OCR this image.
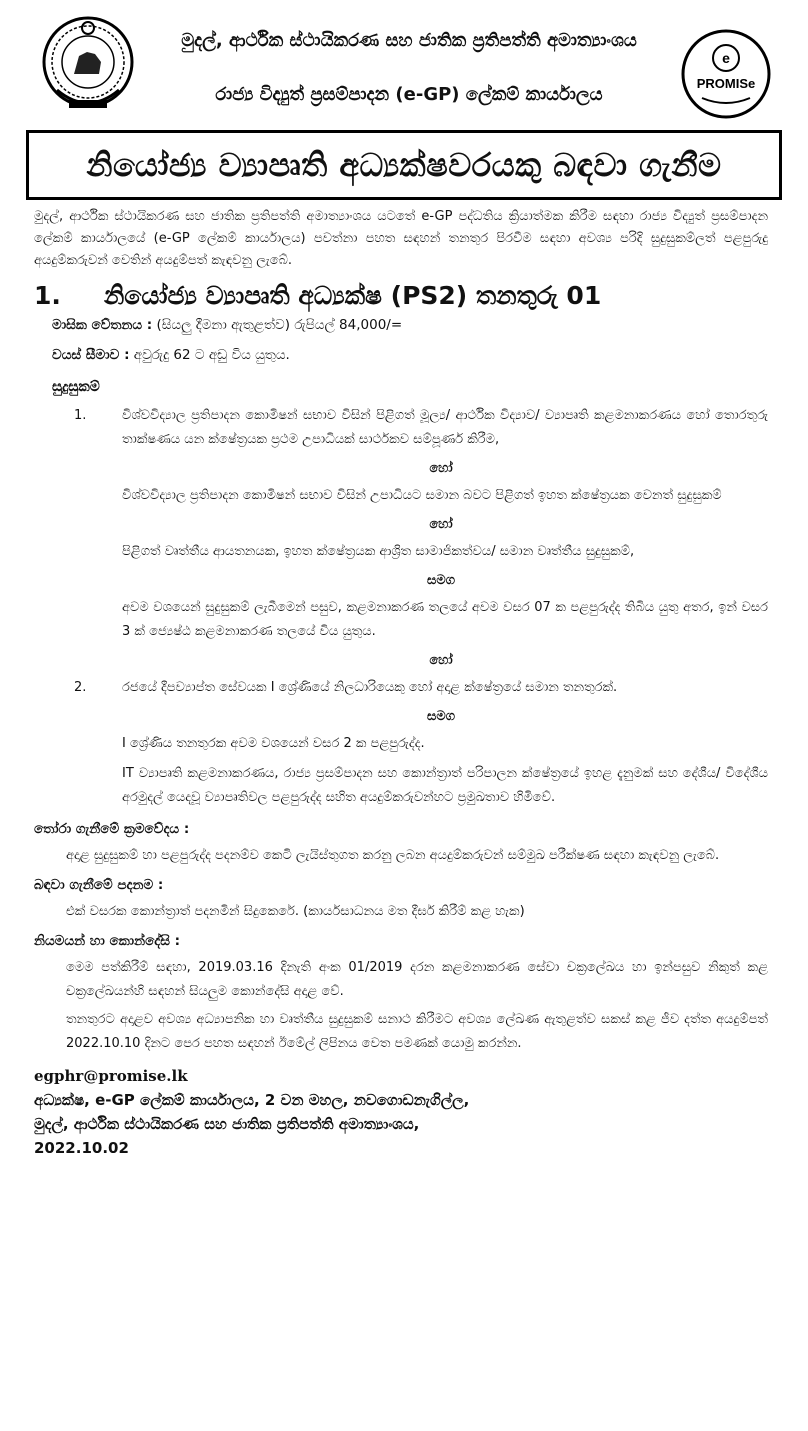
මුදල්, ආර්ථික ස්ථායිකරණ සහ ජාතික ප්‍රතිපත්ති අමාත්‍යාංශය
රාජ්‍ය විද්‍යුත් ප්‍රසම්පාදන (e-GP) ලේකම් කාර්යාලය
e
PROMISe
නියෝජ්‍ය ව්‍යාපෘති අධ්‍යක්ෂවරයකු බඳවා ගැනීම
මුදල්, ආර්ථික ස්ථායිකරණ සහ ජාතික ප්‍රතිපත්ති අමාත්‍යාංශය යටතේ e-GP පද්ධතිය ක්‍රියාත්මක කිරීම සඳහා රාජ්‍ය විද්‍යුත් ප්‍රසම්පාදන ලේකම් කාර්යාලයේ (e-GP ලේකම් කාර්යාලය) පවත්නා පහත සඳහන් තනතුර පිරවීම සඳහා අවශ්‍ය පරිදි සුදුසුකම්ලත් පළපුරුදු අයදුම්කරුවන් වෙතින් අයදුම්පත් කැඳවනු ලැබේ.
1.	නියෝජ්‍ය ව්‍යාපෘති අධ්‍යක්ෂ (PS2) තනතුරු 01
මාසික වේතනය : (සියලු දීමනා ඇතුළත්ව) රුපියල් 84,000/=
වයස් සීමාව : අවුරුදු 62 ට අඩු විය යුතුය.
සුදුසුකම්
1.	විශ්වවිද්‍යාල ප්‍රතිපාදන කොමිෂන් සභාව විසින් පිළිගත් මූල්‍ය/ ආර්ථික විද්‍යාව/ ව්‍යාපෘති කළමනාකරණය හෝ තොරතුරු තාක්ෂණය යන ක්ෂේත්‍රයක ප්‍රථම උපාධියක් සාර්ථකව සම්පූර්ණ කිරීම,
හෝ
විශ්වවිද්‍යාල ප්‍රතිපාදන කොමිෂන් සභාව විසින් උපාධියට සමාන බවට පිළිගත් ඉහත ක්ෂේත්‍රයක වෙනත් සුදුසුකම්
හෝ
පිළිගත් වෘත්තීය ආයතනයක, ඉහත ක්ෂේත්‍රයක ආශ්‍රිත සාමාජිකත්වය/ සමාන වෘත්තීය සුදුසුකම්,
සමග
අවම වශයෙන් සුදුසුකම් ලැබීමෙන් පසුව, කළමනාකරණ තලයේ අවම වසර 07 ක පළපුරුද්ද තිබිය යුතු අතර, ඉන් වසර 3 ක් ජ්‍යෙෂ්ඨ කළමනාකරණ තලයේ විය යුතුය.
හෝ
2.	රජයේ දීපව්‍යාප්ත සේවයක I ශ්‍රේණියේ නිලධාරියෙකු හෝ අදාළ ක්ෂේත්‍රයේ සමාන තනතුරක්.
සමග
I ශ්‍රේණිය තනතුරක අවම වශයෙන් වසර 2 ක පළපුරුද්ද.
IT ව්‍යාපෘති කළමනාකරණය, රාජ්‍ය ප්‍රසම්පාදන සහ කොන්ත්‍රාත් පරිපාලන ක්ෂේත්‍රයේ ඉහළ දැනුමක් සහ දේශීය/ විදේශීය අරමුදල් යෙදවූ ව්‍යාපෘතිවල පළපුරුද්ද සහිත අයදුම්කරුවන්හට ප්‍රමුඛතාව හිමිවේ.
තෝරා ගැනීමේ ක්‍රමවේදය :
අදාළ සුදුසුකම් හා පළපුරුද්ද පදනම්ව කෙටි ලැයිස්තුගත කරනු ලබන අයදුම්කරුවන් සම්මුඛ පරීක්ෂණ සඳහා කැඳවනු ලැබේ.
බඳවා ගැනීමේ පදනම :
එක් වසරක කොන්ත්‍රාත් පදනමින් සිදුකෙරේ. (කාර්යසාධනය මත දීර්ඝ කිරීම් කළ හැක)
නියමයන් හා කොන්දේසි :
මෙම පත්කිරීම් සඳහා, 2019.03.16 දිනැති අංක 01/2019 දරන කළමනාකරණ සේවා චක්‍රලේඛය හා ඉන්පසුව නිකුත් කළ චක්‍රලේඛයන්හි සඳහන් සියලුම කොන්දේසි අදාළ වේ.
තනතුරට අදාළව අවශ්‍ය අධ්‍යාපනික හා වෘත්තීය සුදුසුකම් සනාථ කිරීමට අවශ්‍ය ලේඛණ ඇතුළත්ව සකස් කළ ජීව දත්ත අයදුම්පත් 2022.10.10 දිනට පෙර පහත සඳහන් ඊමේල් ලිපිනය වෙත පමණක් යොමු කරන්න.
egphr@promise.lk
අධ්‍යක්ෂ, e-GP ලේකම් කාර්යාලය, 2 වන මහල, නවගොඩනැගිල්ල,
මුදල්, ආර්ථික ස්ථායිකරණ සහ ජාතික ප්‍රතිපත්ති අමාත්‍යාංශය,
2022.10.02
